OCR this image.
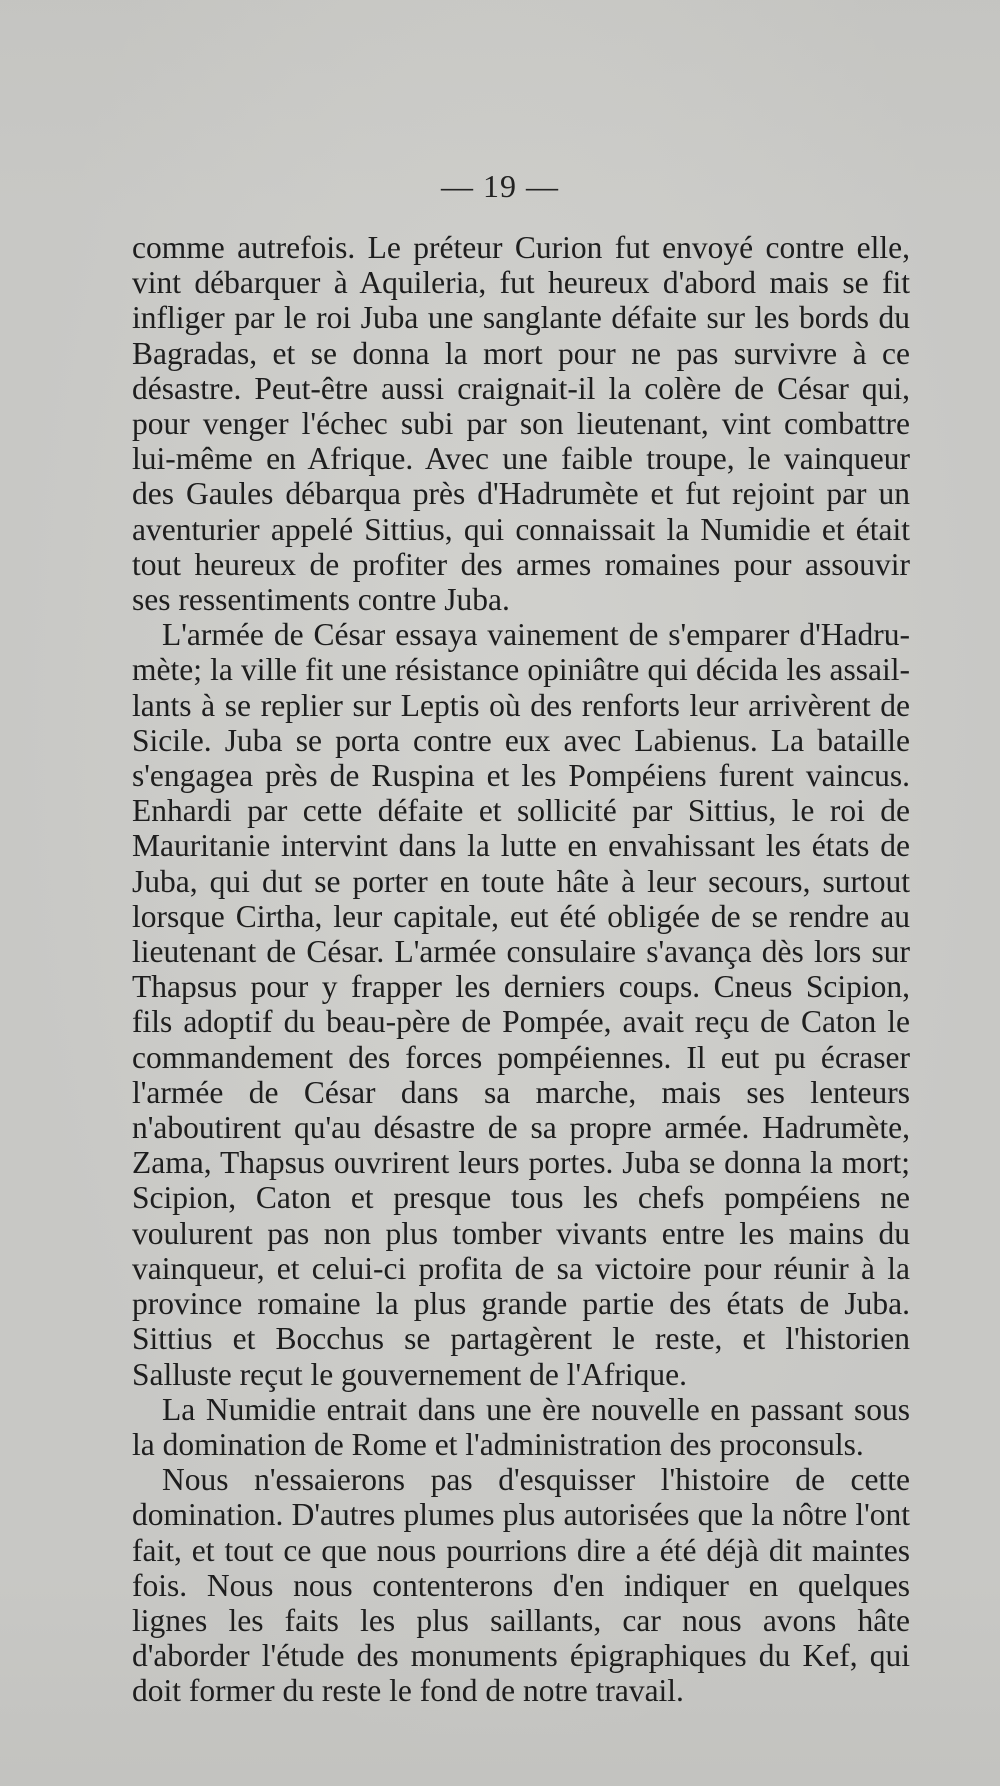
— 19 —

comme autrefois. Le préteur Curion fut envoyé contre elle, vint débarquer à Aquileria, fut heureux d'abord mais se fit infliger par le roi Juba une sanglante défaite sur les bords du Bagradas, et se donna la mort pour ne pas survivre à ce désastre. Peut-être aussi craignait-il la colère de César qui, pour venger l'échec subi par son lieutenant, vint combattre lui-même en Afrique. Avec une faible troupe, le vainqueur des Gaules débarqua près d'Hadrumète et fut rejoint par un aventurier appelé Sittius, qui connaissait la Numidie et était tout heureux de profiter des armes romaines pour assouvir ses ressentiments contre Juba.

L'armée de César essaya vainement de s'emparer d'Hadrumète; la ville fit une résistance opiniâtre qui décida les assaillants à se replier sur Leptis où des renforts leur arrivèrent de Sicile. Juba se porta contre eux avec Labienus. La bataille s'engagea près de Ruspina et les Pompéiens furent vaincus. Enhardi par cette défaite et sollicité par Sittius, le roi de Mauritanie intervint dans la lutte en envahissant les états de Juba, qui dut se porter en toute hâte à leur secours, surtout lorsque Cirtha, leur capitale, eut été obligée de se rendre au lieutenant de César. L'armée consulaire s'avança dès lors sur Thapsus pour y frapper les derniers coups. Cneus Scipion, fils adoptif du beau-père de Pompée, avait reçu de Caton le commandement des forces pompéiennes. Il eut pu écraser l'armée de César dans sa marche, mais ses lenteurs n'aboutirent qu'au désastre de sa propre armée. Hadrumète, Zama, Thapsus ouvrirent leurs portes. Juba se donna la mort; Scipion, Caton et presque tous les chefs pompéiens ne voulurent pas non plus tomber vivants entre les mains du vainqueur, et celui-ci profita de sa victoire pour réunir à la province romaine la plus grande partie des états de Juba. Sittius et Bocchus se partagèrent le reste, et l'historien Salluste reçut le gouvernement de l'Afrique.

La Numidie entrait dans une ère nouvelle en passant sous la domination de Rome et l'administration des proconsuls.

Nous n'essaierons pas d'esquisser l'histoire de cette domination. D'autres plumes plus autorisées que la nôtre l'ont fait, et tout ce que nous pourrions dire a été déjà dit maintes fois. Nous nous contenterons d'en indiquer en quelques lignes les faits les plus saillants, car nous avons hâte d'aborder l'étude des monuments épigraphiques du Kef, qui doit former du reste le fond de notre travail.
